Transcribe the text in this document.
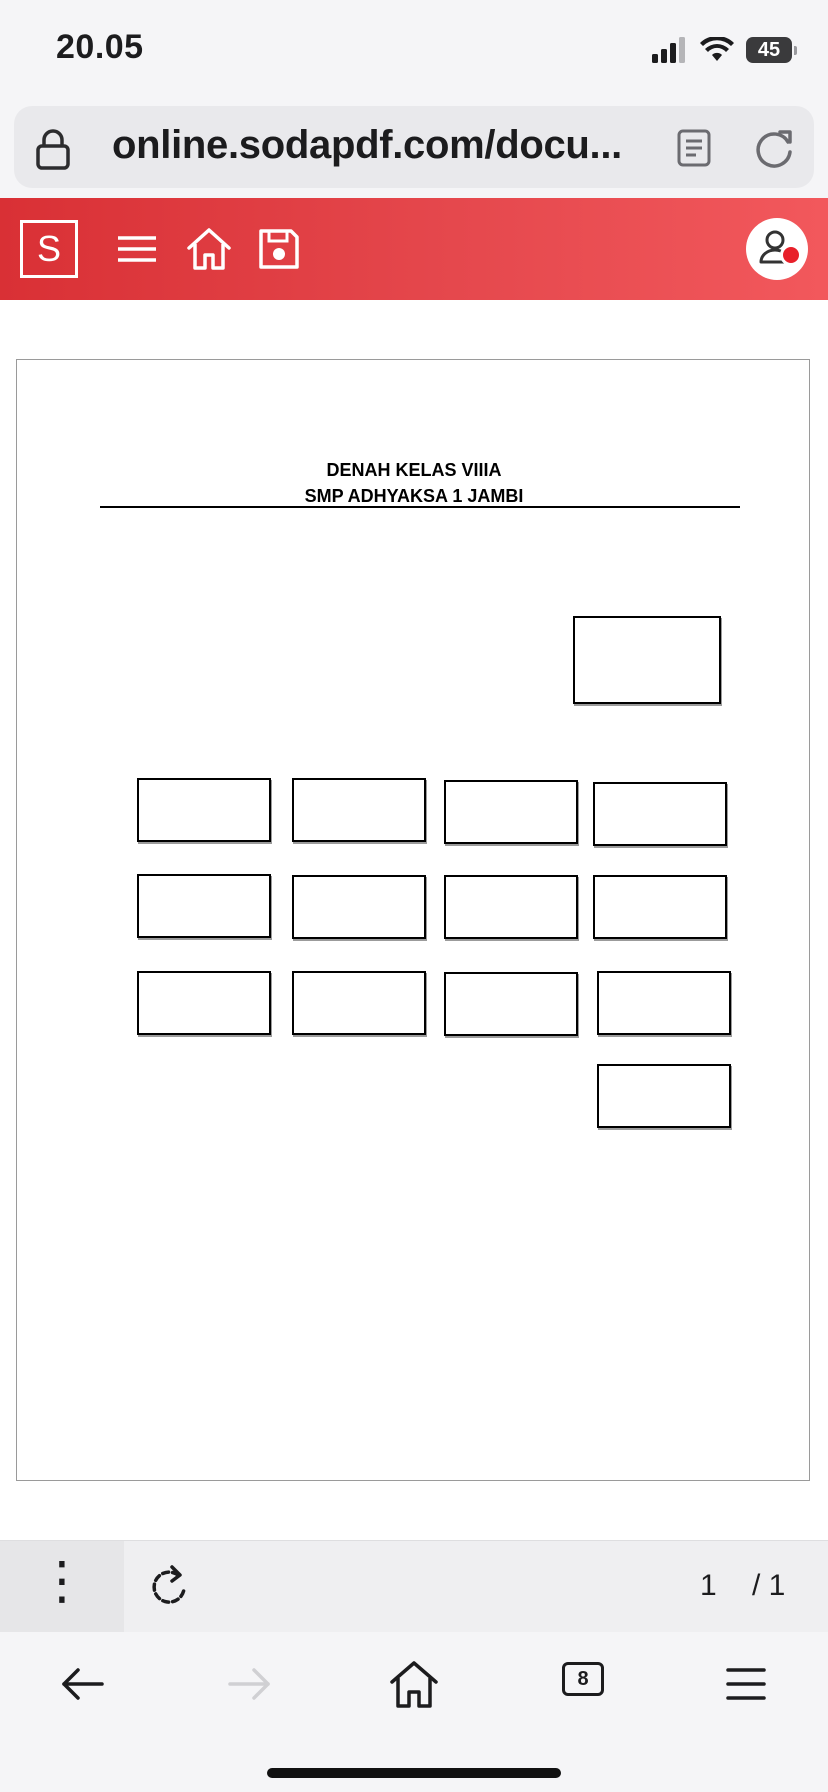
20.05	45
online.sodapdf.com/docu...
S
DENAH KELAS VIIIA
SMP ADHYAKSA 1 JAMBI
⋮	1 / 1
8
